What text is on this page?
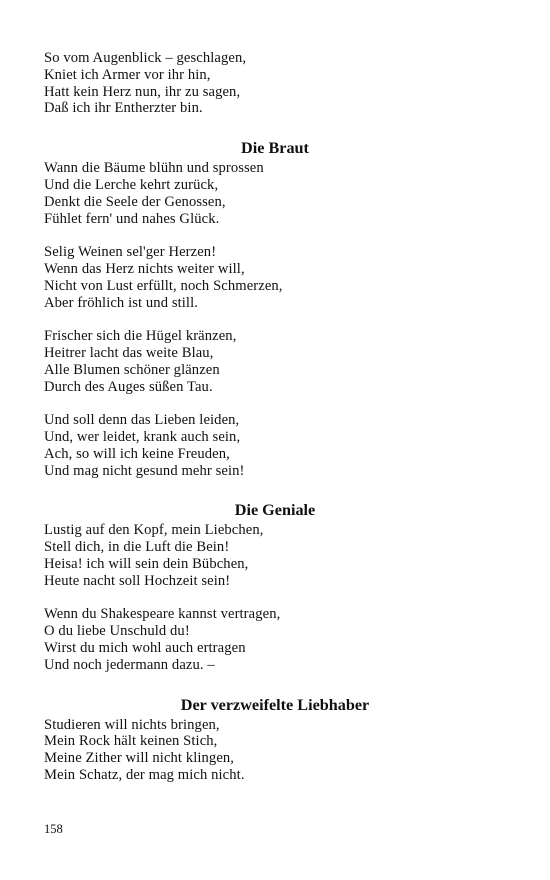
So vom Augenblick – geschlagen,
Kniet ich Armer vor ihr hin,
Hatt kein Herz nun, ihr zu sagen,
Daß ich ihr Entherzter bin.
Die Braut
Wann die Bäume blühn und sprossen
Und die Lerche kehrt zurück,
Denkt die Seele der Genossen,
Fühlet fern' und nahes Glück.
Selig Weinen sel'ger Herzen!
Wenn das Herz nichts weiter will,
Nicht von Lust erfüllt, noch Schmerzen,
Aber fröhlich ist und still.
Frischer sich die Hügel kränzen,
Heitrer lacht das weite Blau,
Alle Blumen schöner glänzen
Durch des Auges süßen Tau.
Und soll denn das Lieben leiden,
Und, wer leidet, krank auch sein,
Ach, so will ich keine Freuden,
Und mag nicht gesund mehr sein!
Die Geniale
Lustig auf den Kopf, mein Liebchen,
Stell dich, in die Luft die Bein!
Heisa! ich will sein dein Bübchen,
Heute nacht soll Hochzeit sein!
Wenn du Shakespeare kannst vertragen,
O du liebe Unschuld du!
Wirst du mich wohl auch ertragen
Und noch jedermann dazu. –
Der verzweifelte Liebhaber
Studieren will nichts bringen,
Mein Rock hält keinen Stich,
Meine Zither will nicht klingen,
Mein Schatz, der mag mich nicht.
158
